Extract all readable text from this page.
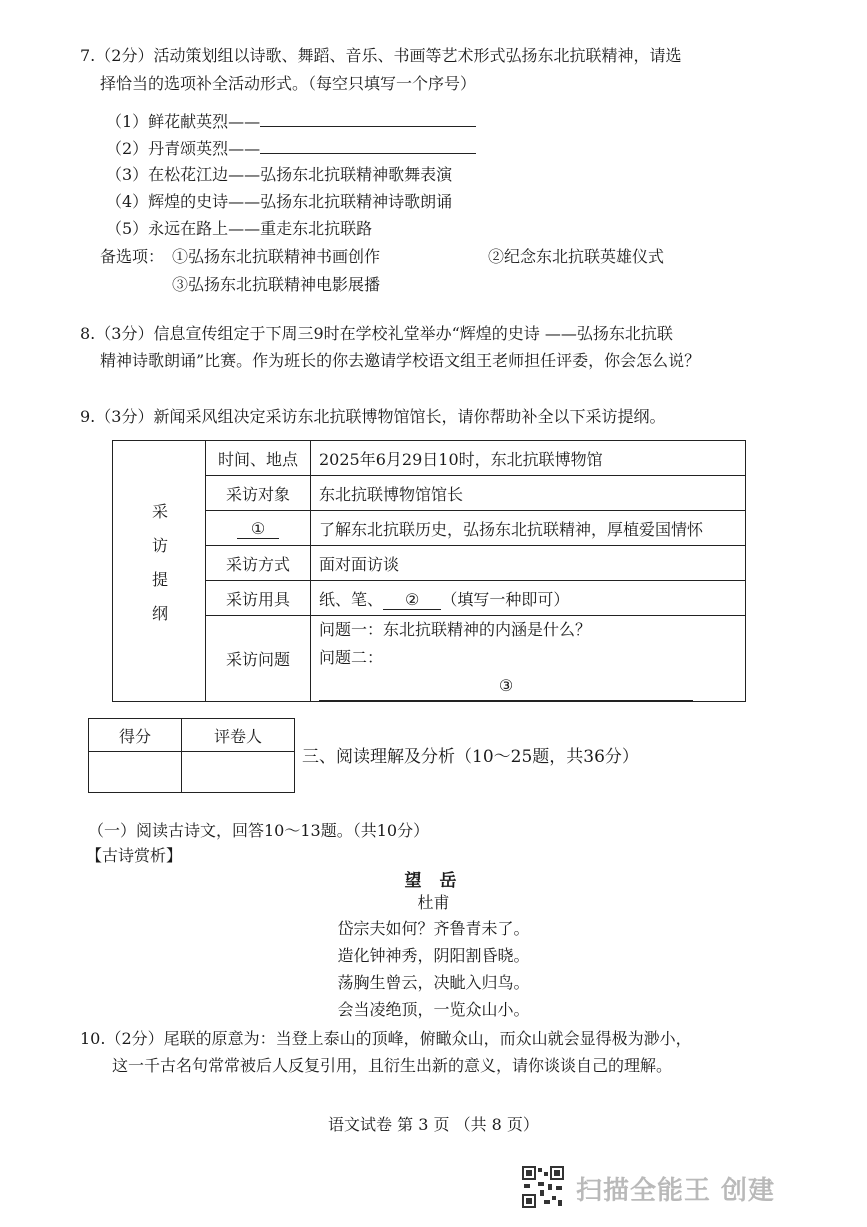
7.（2分）活动策划组以诗歌、舞蹈、音乐、书画等艺术形式弘扬东北抗联精神，请选
择恰当的选项补全活动形式。（每空只填写一个序号）
（1）鲜花献英烈——
（2）丹青颂英烈——
（3）在松花江边——弘扬东北抗联精神歌舞表演
（4）辉煌的史诗——弘扬东北抗联精神诗歌朗诵
（5）永远在路上——重走东北抗联路
备选项： ①弘扬东北抗联精神书画创作	②纪念东北抗联英雄仪式
③弘扬东北抗联精神电影展播
8.（3分）信息宣传组定于下周三9时在学校礼堂举办“辉煌的史诗 ——弘扬东北抗联
精神诗歌朗诵”比赛。作为班长的你去邀请学校语文组王老师担任评委，你会怎么说？
9.（3分）新闻采风组决定采访东北抗联博物馆馆长，请你帮助补全以下采访提纲。
采访提纲	时间、地点	2025年6月29日10时，东北抗联博物馆
	采访对象	东北抗联博物馆馆长
	①	了解东北抗联历史，弘扬东北抗联精神，厚植爱国情怀
	采访方式	面对面访谈
	采访用具	纸、笔、 ② （填写一种即可）
	采访问题	问题一：东北抗联精神的内涵是什么？
问题二：③
得分	评卷人

三、阅读理解及分析（10～25题，共36分）
（一）阅读古诗文，回答10～13题。（共10分）
【古诗赏析】
望 岳
杜甫
岱宗夫如何？齐鲁青未了。
造化钟神秀，阴阳割昏晓。
荡胸生曾云，决眦入归鸟。
会当凌绝顶，一览众山小。
10.（2分）尾联的原意为：当登上泰山的顶峰，俯瞰众山，而众山就会显得极为渺小，
这一千古名句常常被后人反复引用，且衍生出新的意义，请你谈谈自己的理解。
语文试卷 第 3 页 （共 8 页）
扫描全能王 创建
